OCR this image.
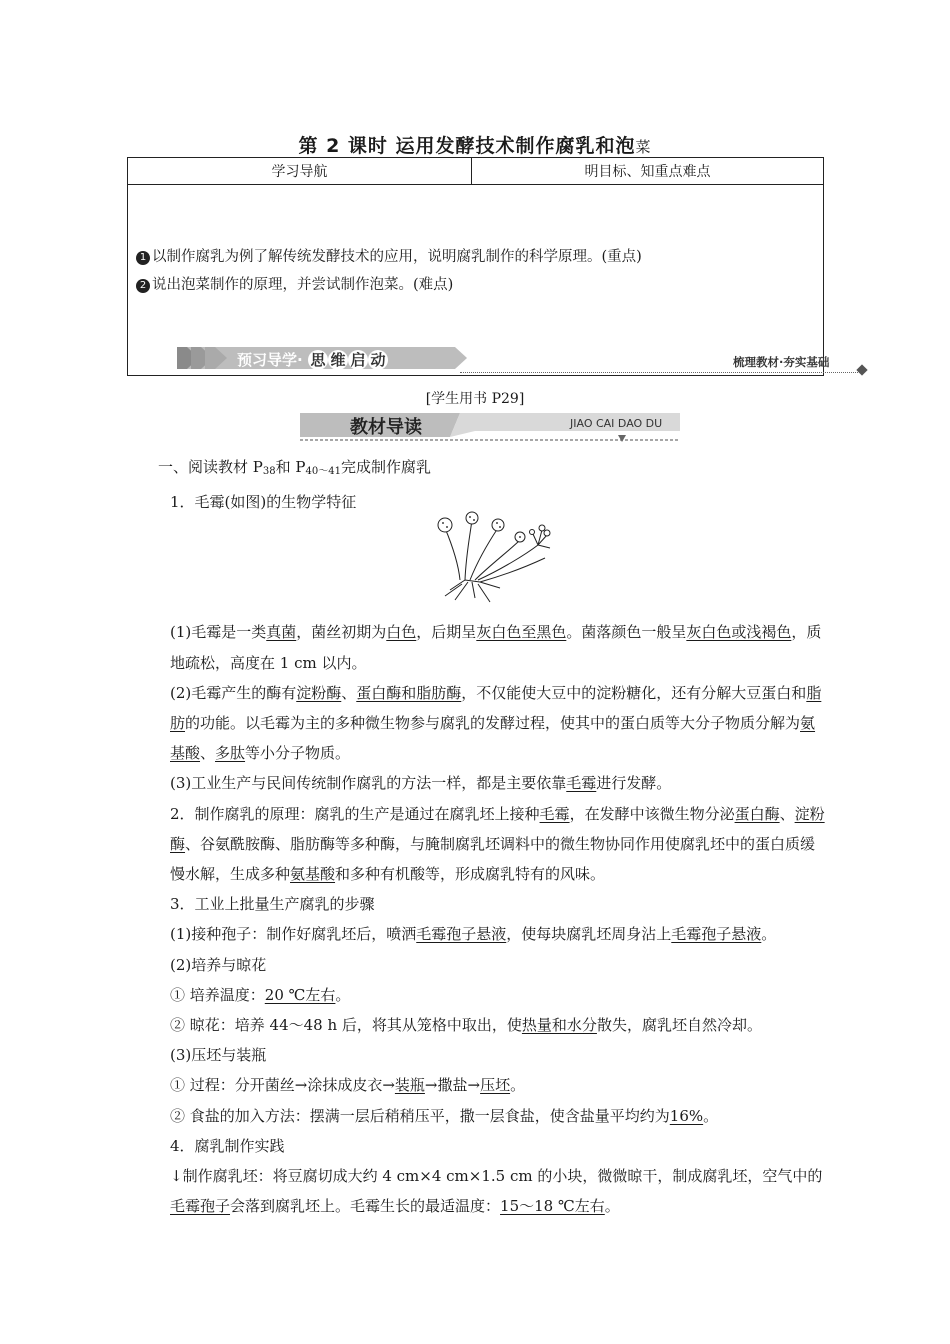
第 2 课时 运用发酵技术制作腐乳和泡菜
学习导航	明目标、知重点难点

1 以制作腐乳为例了解传统发酵技术的应用，说明腐乳制作的科学原理。(重点)
2 说出泡菜制作的原理，并尝试制作泡菜。(难点)
预习导学· 思 维 启 动	梳理教材·夯实基础
[学生用书 P29]
教材导读	JIAO CAI DAO DU

一、阅读教材 $P_{38}$和 $P_{40\sim 41}$完成制作腐乳

1．毛霉(如图)的生物学特征

(1)毛霉是一类真菌，菌丝初期为白色，后期呈灰白色至黑色。菌落颜色一般呈灰白色或浅褐色，质地疏松，高度在 1 cm 以内。

(2)毛霉产生的酶有淀粉酶、蛋白酶和脂肪酶，不仅能使大豆中的淀粉糖化，还有分解大豆蛋白和脂肪的功能。以毛霉为主的多种微生物参与腐乳的发酵过程，使其中的蛋白质等大分子物质分解为氨基酸、多肽等小分子物质。

(3)工业生产与民间传统制作腐乳的方法一样，都是主要依靠毛霉进行发酵。

2．制作腐乳的原理：腐乳的生产是通过在腐乳坯上接种毛霉，在发酵中该微生物分泌蛋白酶、淀粉酶、谷氨酰胺酶、脂肪酶等多种酶，与腌制腐乳坯调料中的微生物协同作用使腐乳坯中的蛋白质缓慢水解，生成多种氨基酸和多种有机酸等，形成腐乳特有的风味。

3．工业上批量生产腐乳的步骤

(1)接种孢子：制作好腐乳坯后，喷洒毛霉孢子悬液，使每块腐乳坯周身沾上毛霉孢子悬液。

(2)培养与晾花

① 培养温度：20 ℃左右。

② 晾花：培养 44～48 h 后，将其从笼格中取出，使热量和水分散失，腐乳坯自然冷却。

(3)压坯与装瓶

① 过程：分开菌丝→涂抹成皮衣→装瓶→撒盐→压坯。

② 食盐的加入方法：摆满一层后稍稍压平，撒一层食盐，使含盐量平均约为16%。

4．腐乳制作实践

↓制作腐乳坯：将豆腐切成大约 4 cm×4 cm×1.5 cm 的小块，微微晾干，制成腐乳坯，空气中的毛霉孢子会落到腐乳坯上。毛霉生长的最适温度：15～18 ℃左右。
